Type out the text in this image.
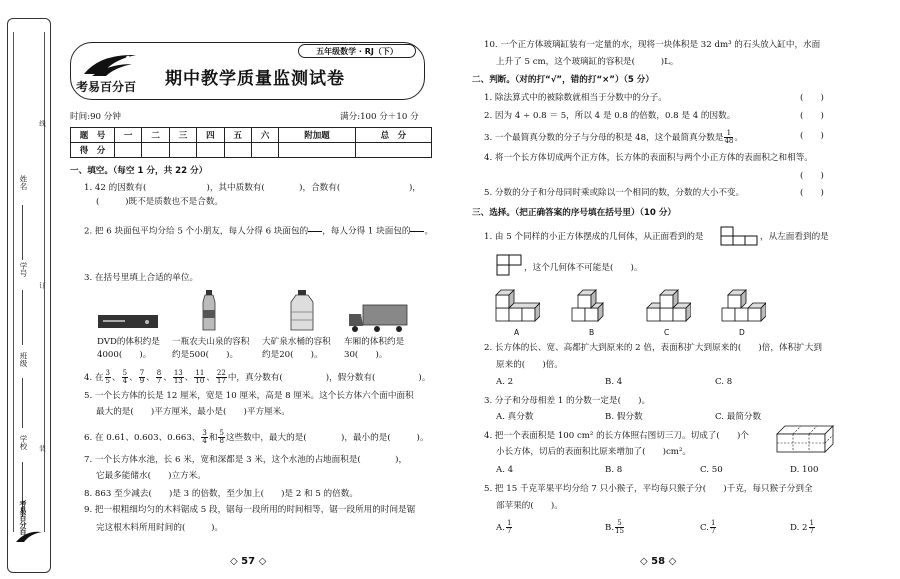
姓名
学号
班级
学校
线
订
装
考易百分百
五年级数学 · RJ（下）
考易百分百 期中教学质量监测试卷
时间:90 分钟	满分:100 分＋10 分
题　号	一	二	三	四	五	六	附加题	总　分
得　分								
一、填空。（每空 1 分，共 22 分）
1. 42 的因数有(　　　　　　　)，其中质数有(　　　　)，合数有(　　　　　　　　)，
(　　　)既不是质数也不是合数。
2. 把 6 块面包平均分给 5 个小朋友，每人分得 6 块面包的 ，每人分得 1 块面包的 。
3. 在括号里填上合适的单位。
DVD的体积约是
4000(　　)。
一瓶农夫山泉的容积
约是500(　　)。
大矿泉水桶的容积
约是20(　　)。
车厢的体积约是
30(　　)。
4. 在 $\frac{3}{5}$ 、 $\frac{5}{4}$ 、 $\frac{7}{9}$ 、 $\frac{8}{7}$ 、 $\frac{13}{13}$ 、 $\frac{11}{10}$ 、 $\frac{22}{17}$ 中，真分数有(　　　　　)，假分数有(　　　　　)。
5. 一个长方体的长是 12 厘米，宽是 10 厘米，高是 8 厘米。这个长方体六个面中面积
最大的是(　　)平方厘米，最小是(　　)平方厘米。
6. 在 0.61、0.603、0.663、 $\frac{3}{4}$ 和 $\frac{5}{8}$ 这些数中，最大的是(　　　　)，最小的是(　　　)。
7. 一个长方体水池，长 6 米，宽和深都是 3 米，这个水池的占地面积是(　　　　)，
它最多能储水(　　)立方米。
8. 863 至少减去(　　)是 3 的倍数，至少加上(　　)是 2 和 5 的倍数。
9. 把一根粗细均匀的木料锯成 5 段，锯每一段所用的时间相等，锯一段所用的时间是锯
完这根木料所用时间的(　　　)。
◇ 57 ◇
10. 一个正方体玻璃缸装有一定量的水，现将一块体积是 32 dm³ 的石头放入缸中，水面
上升了 5 cm，这个玻璃缸的容积是(　　　)L。
二、判断。（对的打“√”，错的打“×”）（5 分）
1. 除法算式中的被除数就相当于分数中的分子。	(　　)
2. 因为 4 ÷ 0.8 ＝ 5，所以 4 是 0.8 的倍数，0.8 是 4 的因数。	(　　)
3. 一个最简真分数的分子与分母的积是 48，这个最简真分数是 $\frac{1}{48}$ 。	(　　)
4. 将一个长方体切成两个正方体，长方体的表面积与两个小正方体的表面积之和相等。
(　　)
5. 分数的分子和分母同时乘或除以一个相同的数，分数的大小不变。	(　　)
三、选择。（把正确答案的序号填在括号里）（10 分）
1. 由 5 个同样的小正方体摆成的几何体，从正面看到的是	，从左面看到的是
，这个几何体不可能是(　　)。
A	B	C	D
2. 长方体的长、宽、高都扩大到原来的 2 倍，表面积扩大到原来的(　　)倍，体积扩大到
原来的(　　)倍。
A. 2	B. 4	C. 8
3. 分子和分母相差 1 的分数一定是(　　)。
A. 真分数	B. 假分数	C. 最简分数
4. 把一个表面积是 100 cm² 的长方体照右图切三刀。切成了(　　)个
小长方体，切后的表面积比原来增加了(　　)cm²。
A. 4	B. 8	C. 50	D. 100
5. 把 15 千克苹果平均分给 7 只小猴子，平均每只猴子分(　　)千克，每只猴子分到全
部苹果的(　　)。
A. $\frac{1}{7}$	B. $\frac{5}{15}$	C. $\frac{1}{7}$	D. $2 \frac{1}{7}$
◇ 58 ◇
